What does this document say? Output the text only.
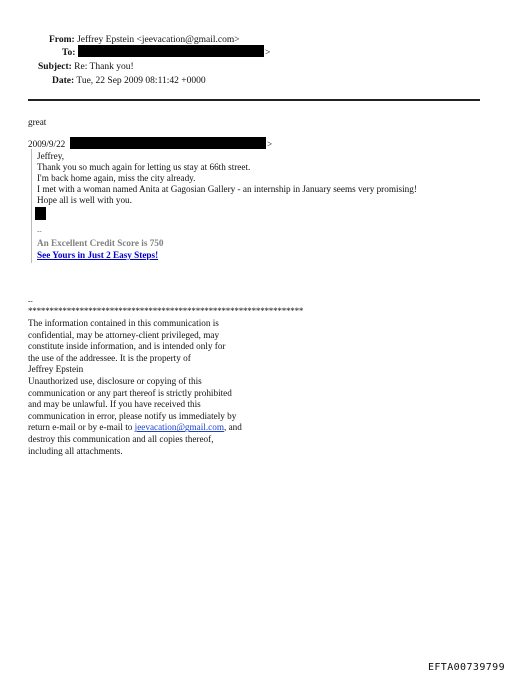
From: Jeffrey Epstein <jeevacation@gmail.com>
To:	>
Subject: Re: Thank you!
Date: Tue, 22 Sep 2009 08:11:42 +0000
great
2009/9/22	>
Jeffrey,
Thank you so much again for letting us stay at 66th street.
I'm back home again, miss the city already.
I met with a woman named Anita at Gagosian Gallery - an internship in January seems very promising!
Hope all is well with you.
--
An Excellent Credit Score is 750
See Yours in Just 2 Easy Steps!
--
****************************************************************
The information contained in this communication is
confidential, may be attorney-client privileged, may
constitute inside information, and is intended only for
the use of the addressee. It is the property of
Jeffrey Epstein
Unauthorized use, disclosure or copying of this
communication or any part thereof is strictly prohibited
and may be unlawful. If you have received this
communication in error, please notify us immediately by
return e-mail or by e-mail to jeevacation@gmail.com, and
destroy this communication and all copies thereof,
including all attachments.
EFTA00739799
